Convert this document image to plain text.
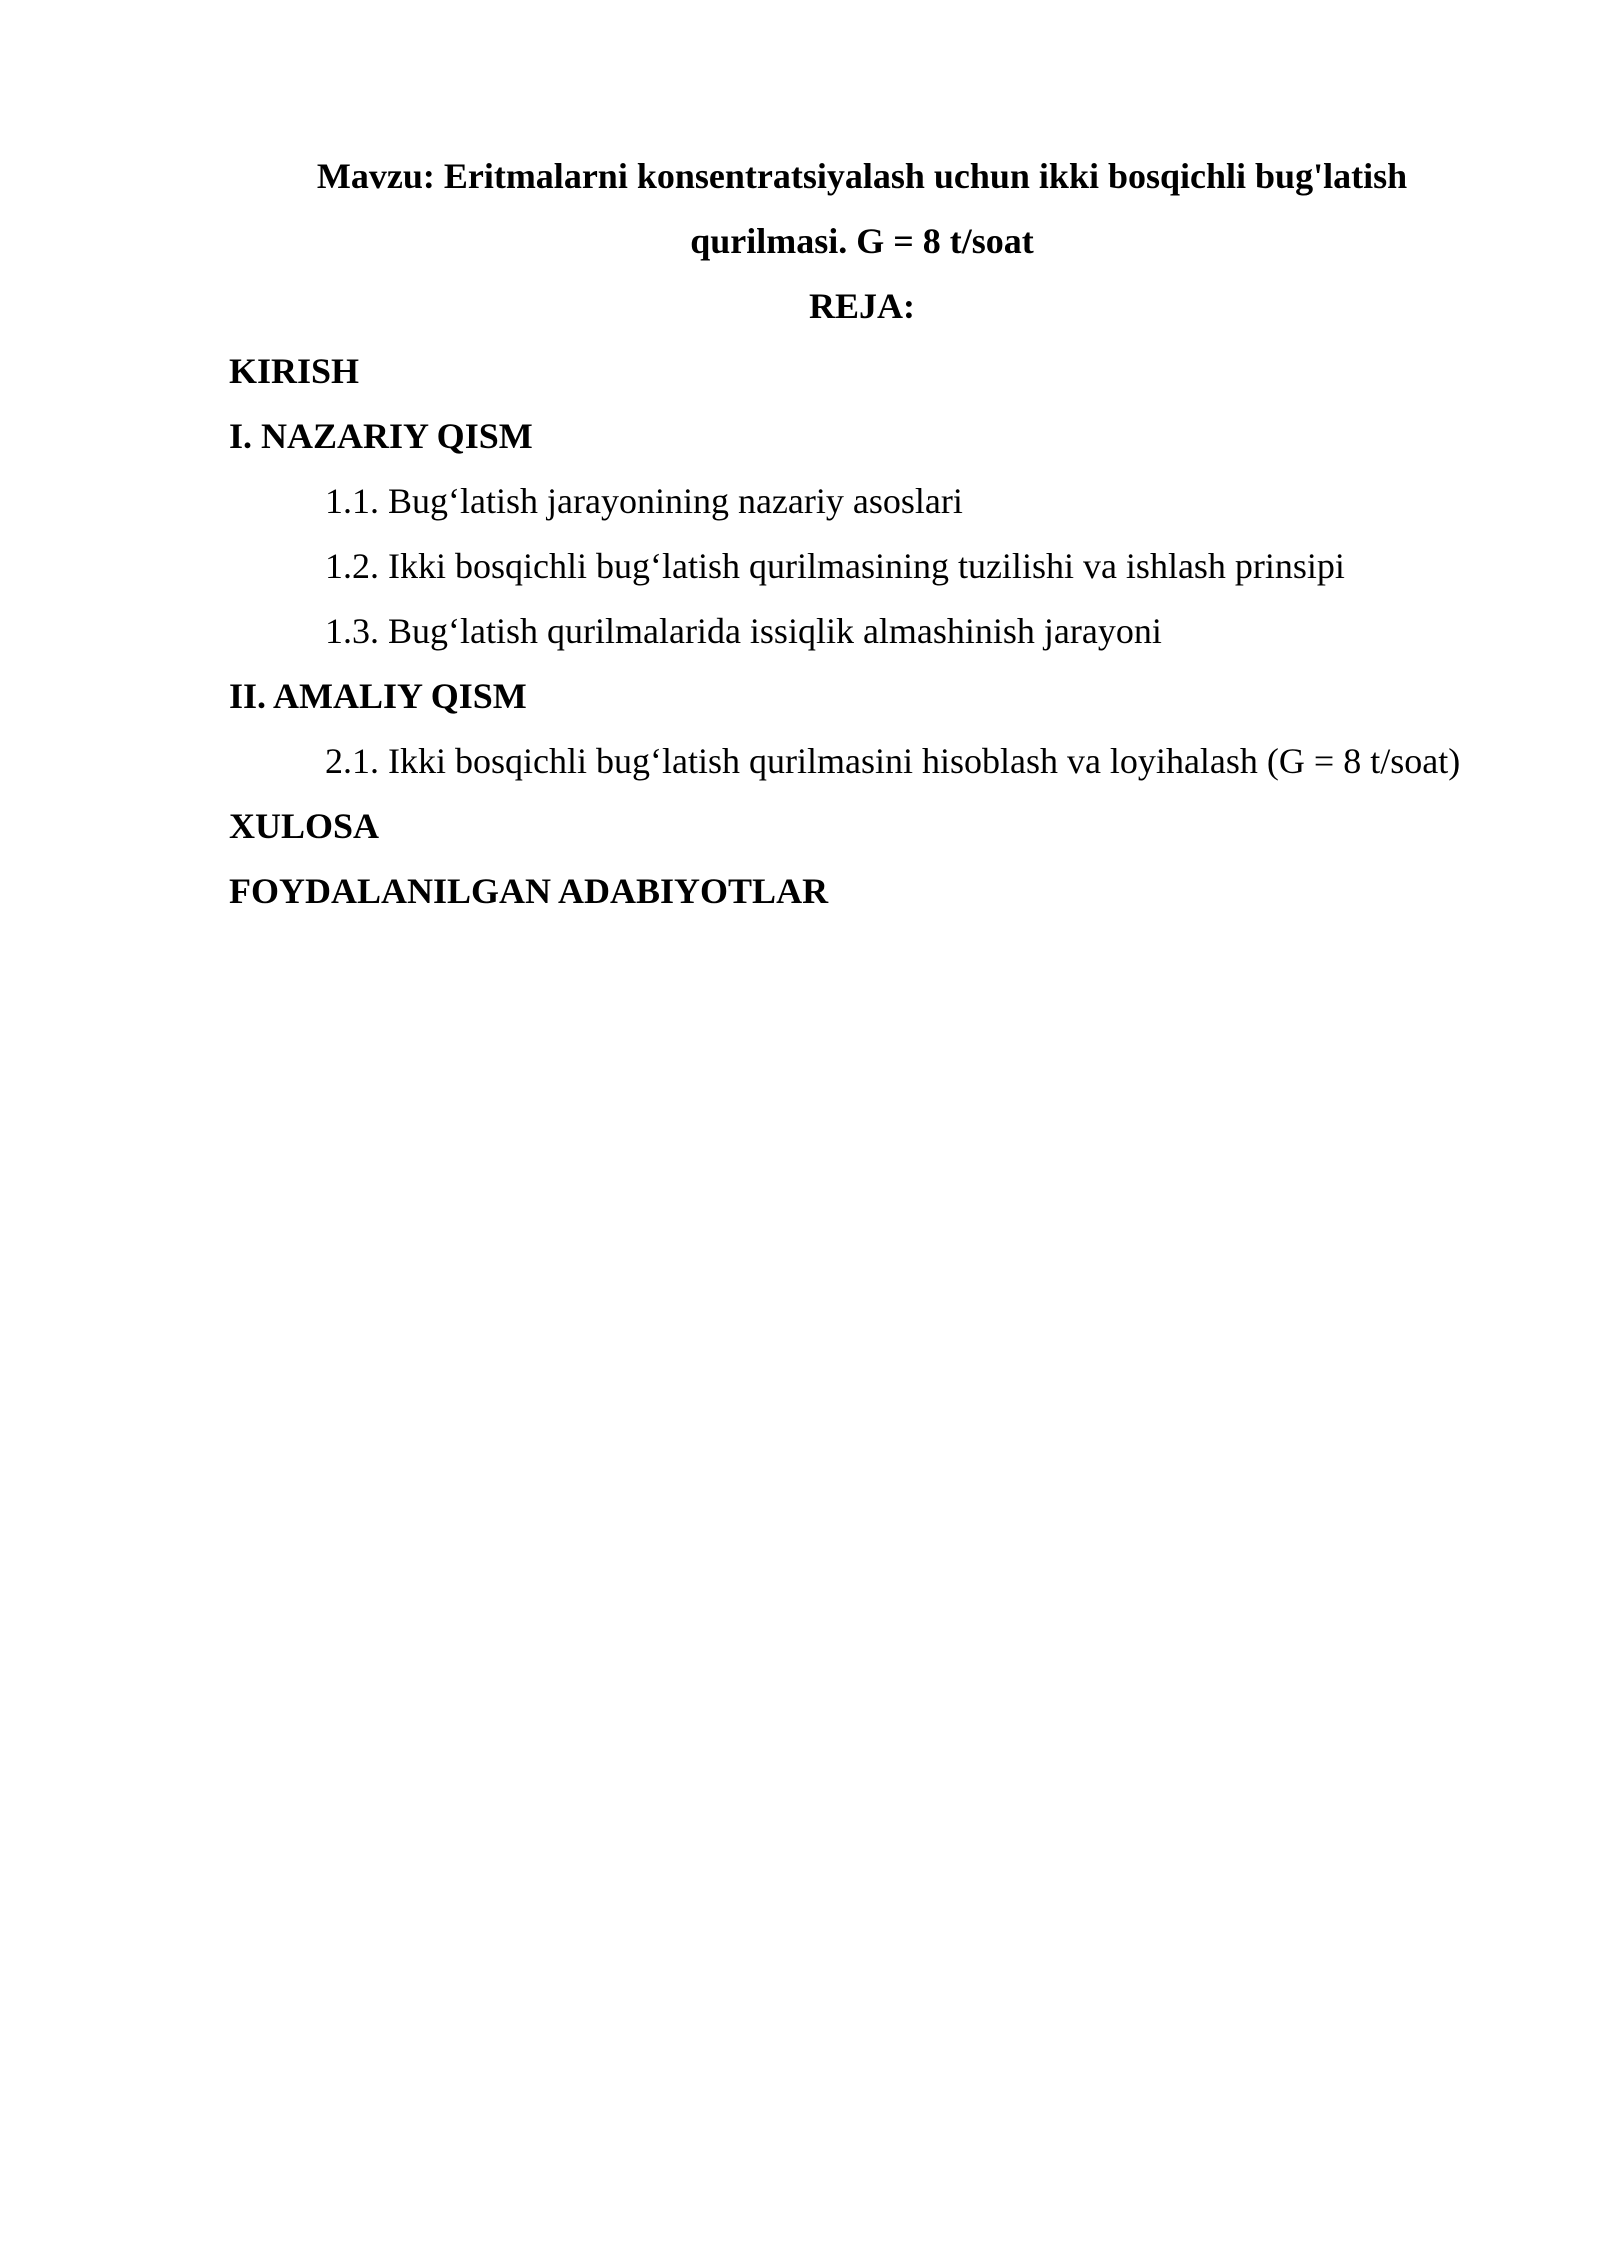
Mavzu: Eritmalarni konsentratsiyalash uchun ikki bosqichli bug'latish
qurilmasi. G = 8 t/soat
REJA:
KIRISH
I. NAZARIY QISM
1.1. Bug‘latish jarayonining nazariy asoslari
1.2. Ikki bosqichli bug‘latish qurilmasining tuzilishi va ishlash prinsipi
1.3. Bug‘latish qurilmalarida issiqlik almashinish jarayoni
II. AMALIY QISM
2.1. Ikki bosqichli bug‘latish qurilmasini hisoblash va loyihalash (G = 8 t/soat)
XULOSA
FOYDALANILGAN ADABIYOTLAR
